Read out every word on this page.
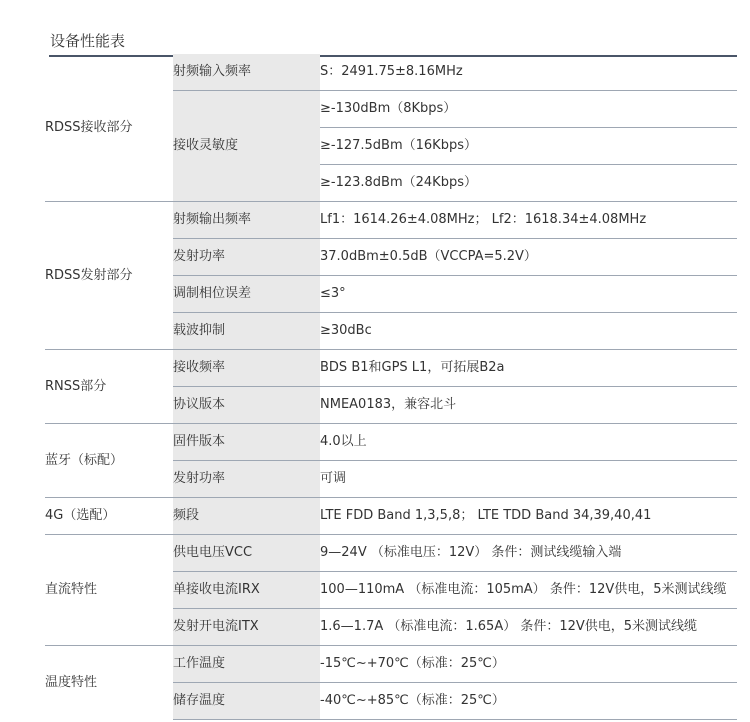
设备性能表
RDSS接收部分	射频输入频率	S：2491.75±8.16MHz
	接收灵敏度	≥-130dBm（8Kbps）
		≥-127.5dBm（16Kbps）
		≥-123.8dBm（24Kbps）
RDSS发射部分	射频输出频率	Lf1：1614.26±4.08MHz； Lf2：1618.34±4.08MHz
	发射功率	37.0dBm±0.5dB（VCCPA=5.2V）
	调制相位误差	≤3°
	载波抑制	≥30dBc
RNSS部分	接收频率	BDS B1和GPS L1，可拓展B2a
	协议版本	NMEA0183，兼容北斗
蓝牙（标配）	固件版本	4.0以上
	发射功率	可调
4G（选配）	频段	LTE FDD Band 1,3,5,8； LTE TDD Band 34,39,40,41
直流特性	供电电压VCC	9—24V （标准电压：12V） 条件：测试线缆输入端
	单接收电流IRX	100—110mA （标准电流：105mA） 条件：12V供电，5米测试线缆
	发射开电流ITX	1.6—1.7A （标准电流：1.65A） 条件：12V供电，5米测试线缆
温度特性	工作温度	-15℃~+70℃（标准：25℃）
	储存温度	-40℃~+85℃（标准：25℃）
